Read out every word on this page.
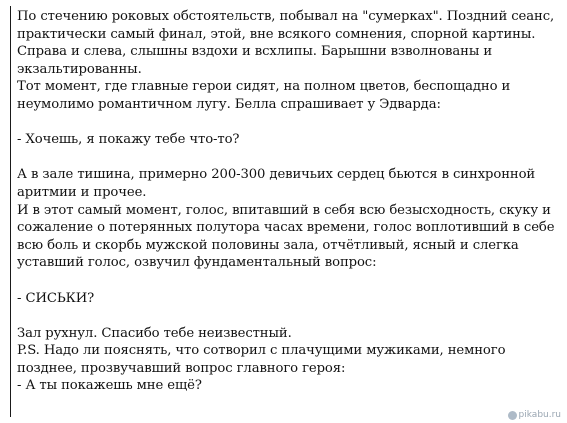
По стечению роковых обстоятельств, побывал на "сумерках". Поздний сеанс,
практически самый финал, этой, вне всякого сомнения, спорной картины.
Справа и слева, слышны вздохи и всхлипы. Барышни взволнованы и
экзальтированны.
Тот момент, где главные герои сидят, на полном цветов, беспощадно и
неумолимо романтичном лугу. Белла спрашивает у Эдварда:
- Хочешь, я покажу тебе что-то?
А в зале тишина, примерно 200-300 девичьих сердец бьются в синхронной
аритмии и прочее.
И в этот самый момент, голос, впитавший в себя всю безысходность, скуку и
сожаление о потерянных полутора часах времени, голос воплотивший в себе
всю боль и скорбь мужской половины зала, отчётливый, ясный и слегка
уставший голос, озвучил фундаментальный вопрос:
- СИСЬКИ?
Зал рухнул. Спасибо тебе неизвестный.
P.S. Надо ли пояснять, что сотворил с плачущими мужиками, немного
позднее, прозвучавший вопрос главного героя:
- А ты покажешь мне ещё?
pikabu.ru
